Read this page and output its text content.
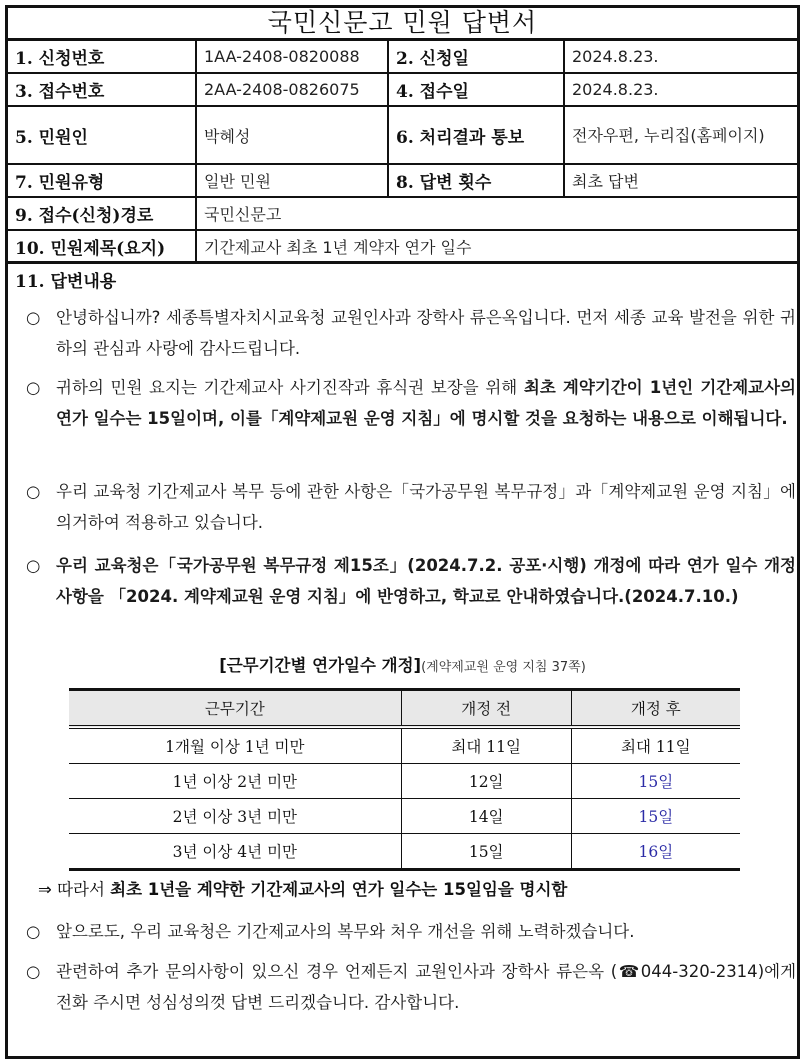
국민신문고 민원 답변서
1. 신청번호	1AA-2408-0820088	2. 신청일	2024.8.23.
3. 접수번호	2AA-2408-0826075	4. 접수일	2024.8.23.
5. 민원인	박혜성	6. 처리결과 통보	전자우편, 누리집(홈페이지)
7. 민원유형	일반 민원	8. 답변 횟수	최초 답변
9. 접수(신청)경로	국민신문고
10. 민원제목(요지)	기간제교사 최초 1년 계약자 연가 일수
11. 답변내용
○ 안녕하십니까? 세종특별자치시교육청 교원인사과 장학사 류은옥입니다. 먼저 세종 교육 발전을 위한 귀하의 관심과 사랑에 감사드립니다.
○ 귀하의 민원 요지는 기간제교사 사기진작과 휴식권 보장을 위해 최초 계약기간이 1년인 기간제교사의 연가 일수는 15일이며, 이를「계약제교원 운영 지침」에 명시할 것을 요청하는 내용으로 이해됩니다.
○ 우리 교육청 기간제교사 복무 등에 관한 사항은「국가공무원 복무규정」과「계약제교원 운영 지침」에 의거하여 적용하고 있습니다.
○ 우리 교육청은「국가공무원 복무규정 제15조」(2024.7.2. 공포·시행) 개정에 따라 연가 일수 개정 사항을 「2024. 계약제교원 운영 지침」에 반영하고, 학교로 안내하였습니다.(2024.7.10.)
[근무기간별 연가일수 개정](계약제교원 운영 지침 37쪽)
근무기간	개정 전	개정 후
1개월 이상 1년 미만	최대 11일	최대 11일
1년 이상 2년 미만	12일	15일
2년 이상 3년 미만	14일	15일
3년 이상 4년 미만	15일	16일
⇒ 따라서 최초 1년을 계약한 기간제교사의 연가 일수는 15일임을 명시함
○ 앞으로도, 우리 교육청은 기간제교사의 복무와 처우 개선을 위해 노력하겠습니다.
○ 관련하여 추가 문의사항이 있으신 경우 언제든지 교원인사과 장학사 류은옥 (☎044-320-2314)에게 전화 주시면 성심성의껏 답변 드리겠습니다. 감사합니다.
